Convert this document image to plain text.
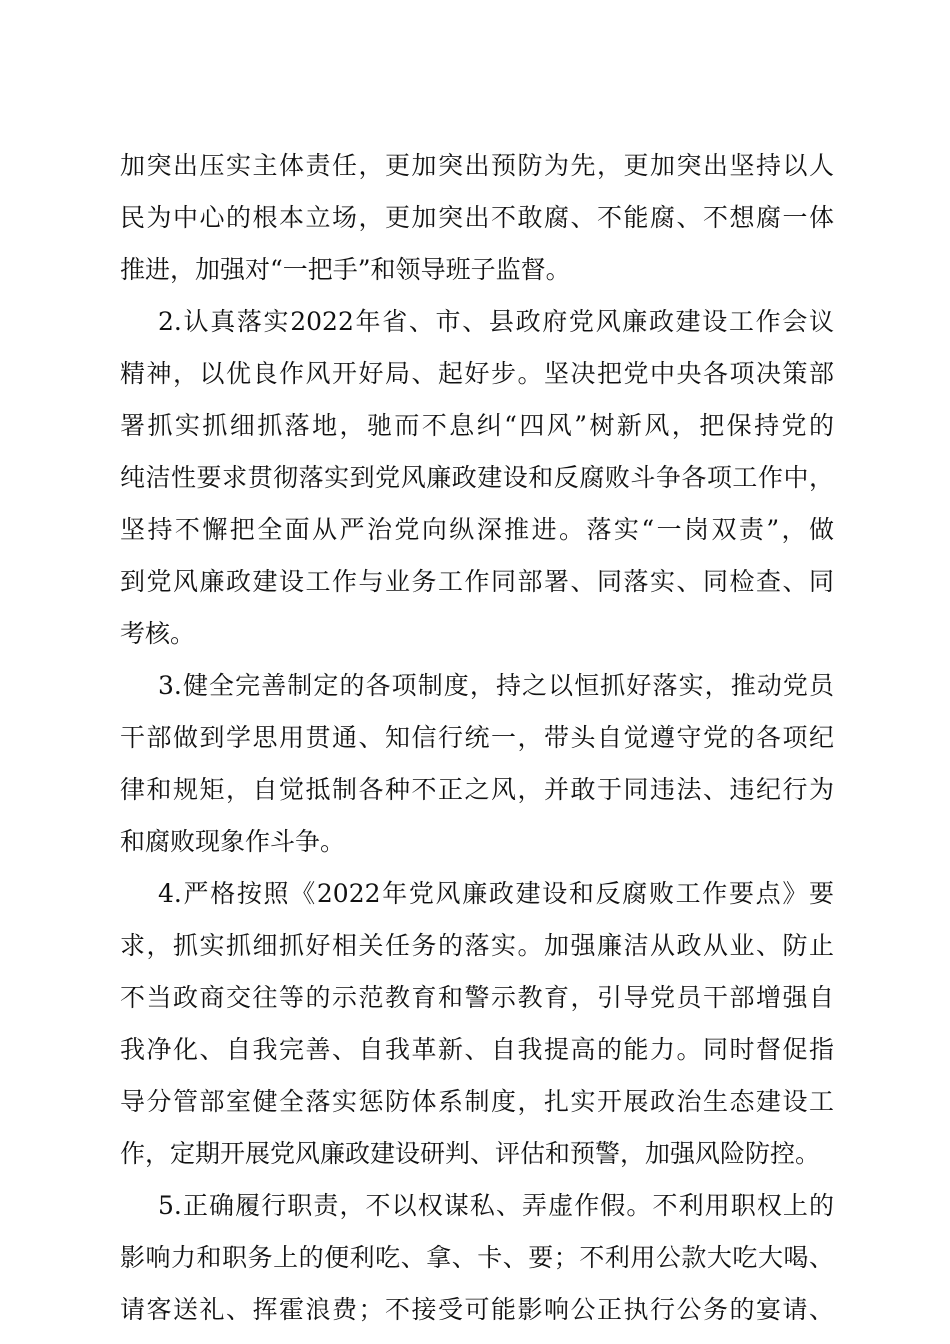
加突出压实主体责任，更加突出预防为先，更加突出坚持以人
民为中心的根本立场，更加突出不敢腐、不能腐、不想腐一体
推进，加强对“一把手”和领导班子监督。
2.认真落实2022年省、市、县政府党风廉政建设工作会议
精神，以优良作风开好局、起好步。坚决把党中央各项决策部
署抓实抓细抓落地，驰而不息纠“四风”树新风，把保持党的
纯洁性要求贯彻落实到党风廉政建设和反腐败斗争各项工作中，
坚持不懈把全面从严治党向纵深推进。落实“一岗双责”，做
到党风廉政建设工作与业务工作同部署、同落实、同检查、同
考核。
3.健全完善制定的各项制度，持之以恒抓好落实，推动党员
干部做到学思用贯通、知信行统一，带头自觉遵守党的各项纪
律和规矩，自觉抵制各种不正之风，并敢于同违法、违纪行为
和腐败现象作斗争。
4.严格按照《2022年党风廉政建设和反腐败工作要点》要
求，抓实抓细抓好相关任务的落实。加强廉洁从政从业、防止
不当政商交往等的示范教育和警示教育，引导党员干部增强自
我净化、自我完善、自我革新、自我提高的能力。同时督促指
导分管部室健全落实惩防体系制度，扎实开展政治生态建设工
作，定期开展党风廉政建设研判、评估和预警，加强风险防控。
5.正确履行职责，不以权谋私、弄虚作假。不利用职权上的
影响力和职务上的便利吃、拿、卡、要；不利用公款大吃大喝、
请客送礼、挥霍浪费；不接受可能影响公正执行公务的宴请、
